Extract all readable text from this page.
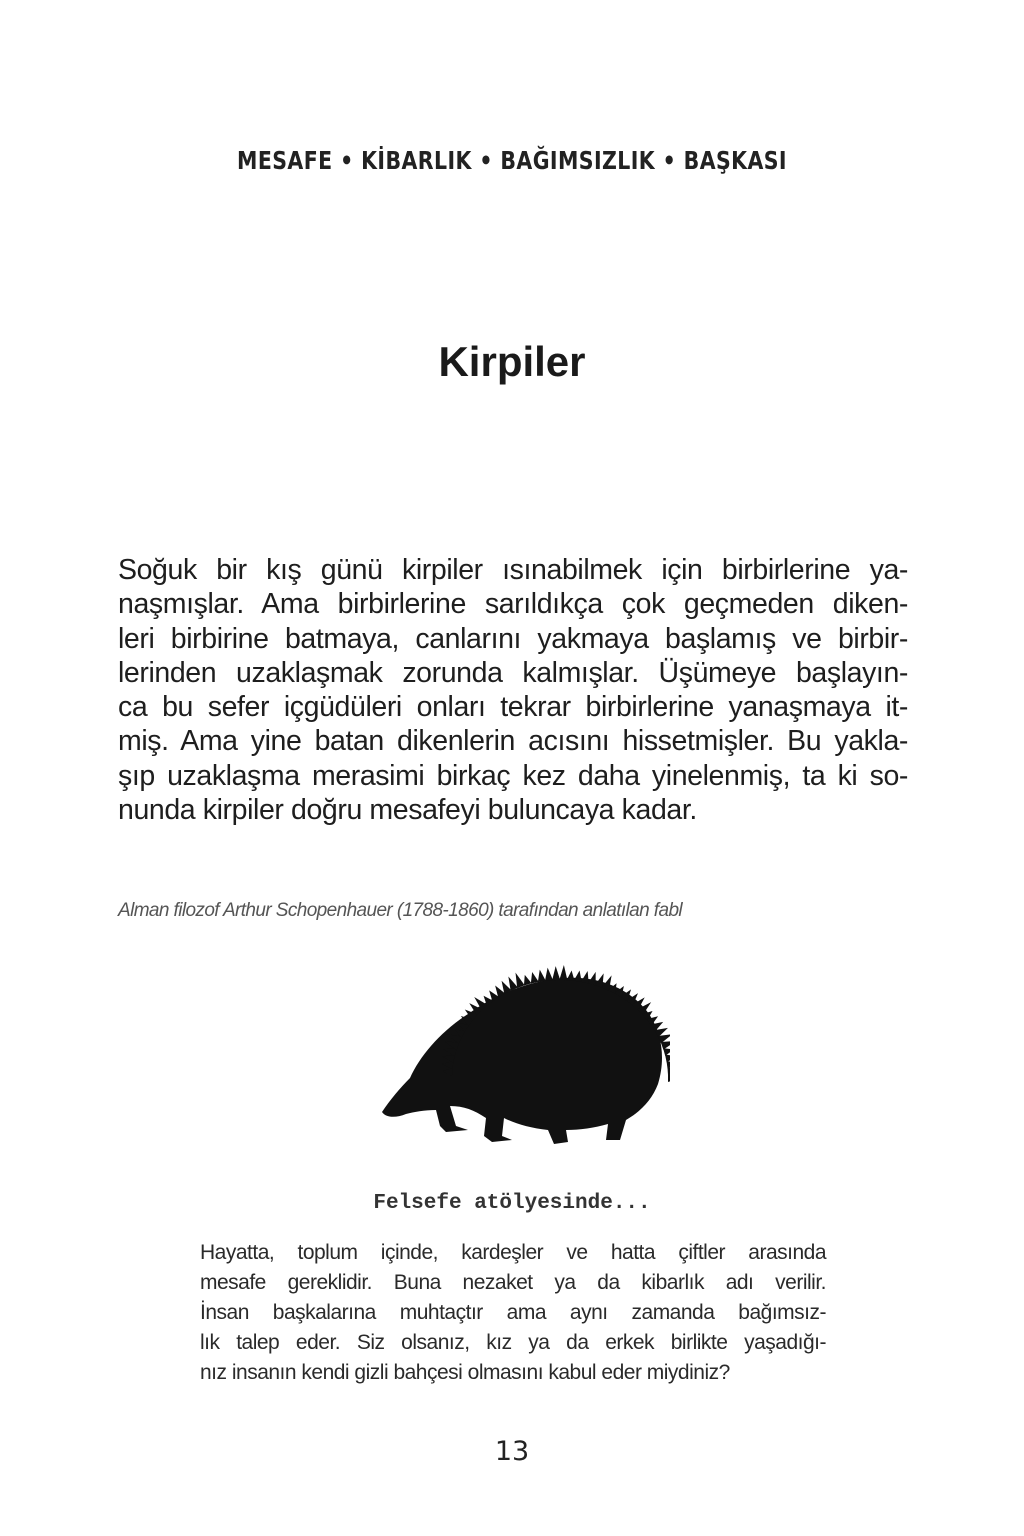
MESAFE • KİBARLIK • BAĞIMSIZLIK • BAŞKASI
Kirpiler
Soğuk bir kış günü kirpiler ısınabilmek için birbirlerine ya-
naşmışlar. Ama birbirlerine sarıldıkça çok geçmeden diken-
leri birbirine batmaya, canlarını yakmaya başlamış ve birbir-
lerinden uzaklaşmak zorunda kalmışlar. Üşümeye başlayın-
ca bu sefer içgüdüleri onları tekrar birbirlerine yanaşmaya it-
miş. Ama yine batan dikenlerin acısını hissetmişler. Bu yakla-
şıp uzaklaşma merasimi birkaç kez daha yinelenmiş, ta ki so-
nunda kirpiler doğru mesafeyi buluncaya kadar.
Alman filozof Arthur Schopenhauer (1788-1860) tarafından anlatılan fabl
Felsefe atölyesinde...
Hayatta, toplum içinde, kardeşler ve hatta çiftler arasında
mesafe gereklidir. Buna nezaket ya da kibarlık adı verilir.
İnsan başkalarına muhtaçtır ama aynı zamanda bağımsız-
lık talep eder. Siz olsanız, kız ya da erkek birlikte yaşadığı-
nız insanın kendi gizli bahçesi olmasını kabul eder miydiniz?
13
